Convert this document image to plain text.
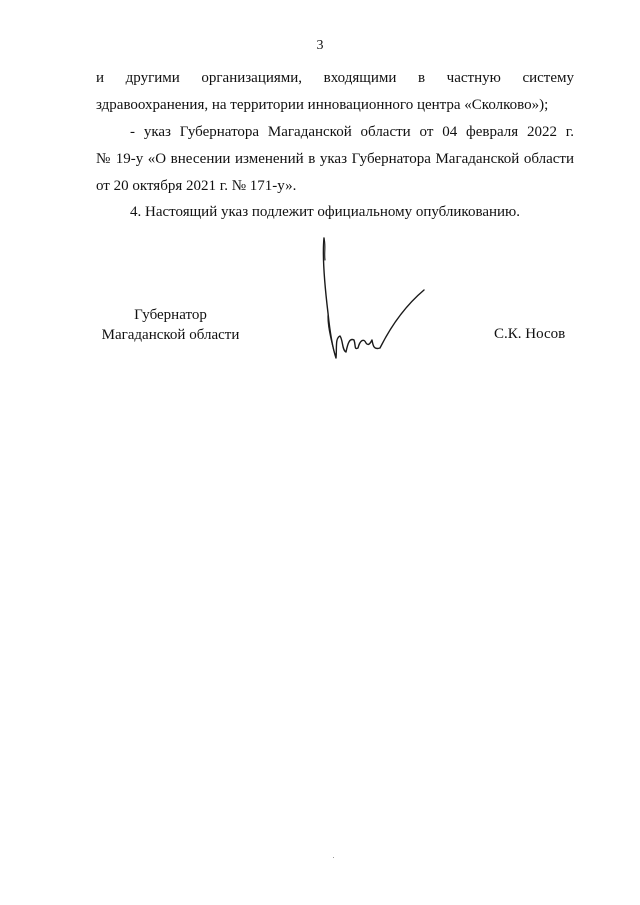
3

и другими организациями, входящими в частную систему
здравоохранения, на территории инновационного центра «Сколково»);

- указ Губернатора Магаданской области от 04 февраля 2022 г.
№ 19-у «О внесении изменений в указ Губернатора Магаданской области
от 20 октября 2021 г. № 171-у».

4. Настоящий указ подлежит официальному опубликованию.

Губернатор
Магаданской области	С.К. Носов
